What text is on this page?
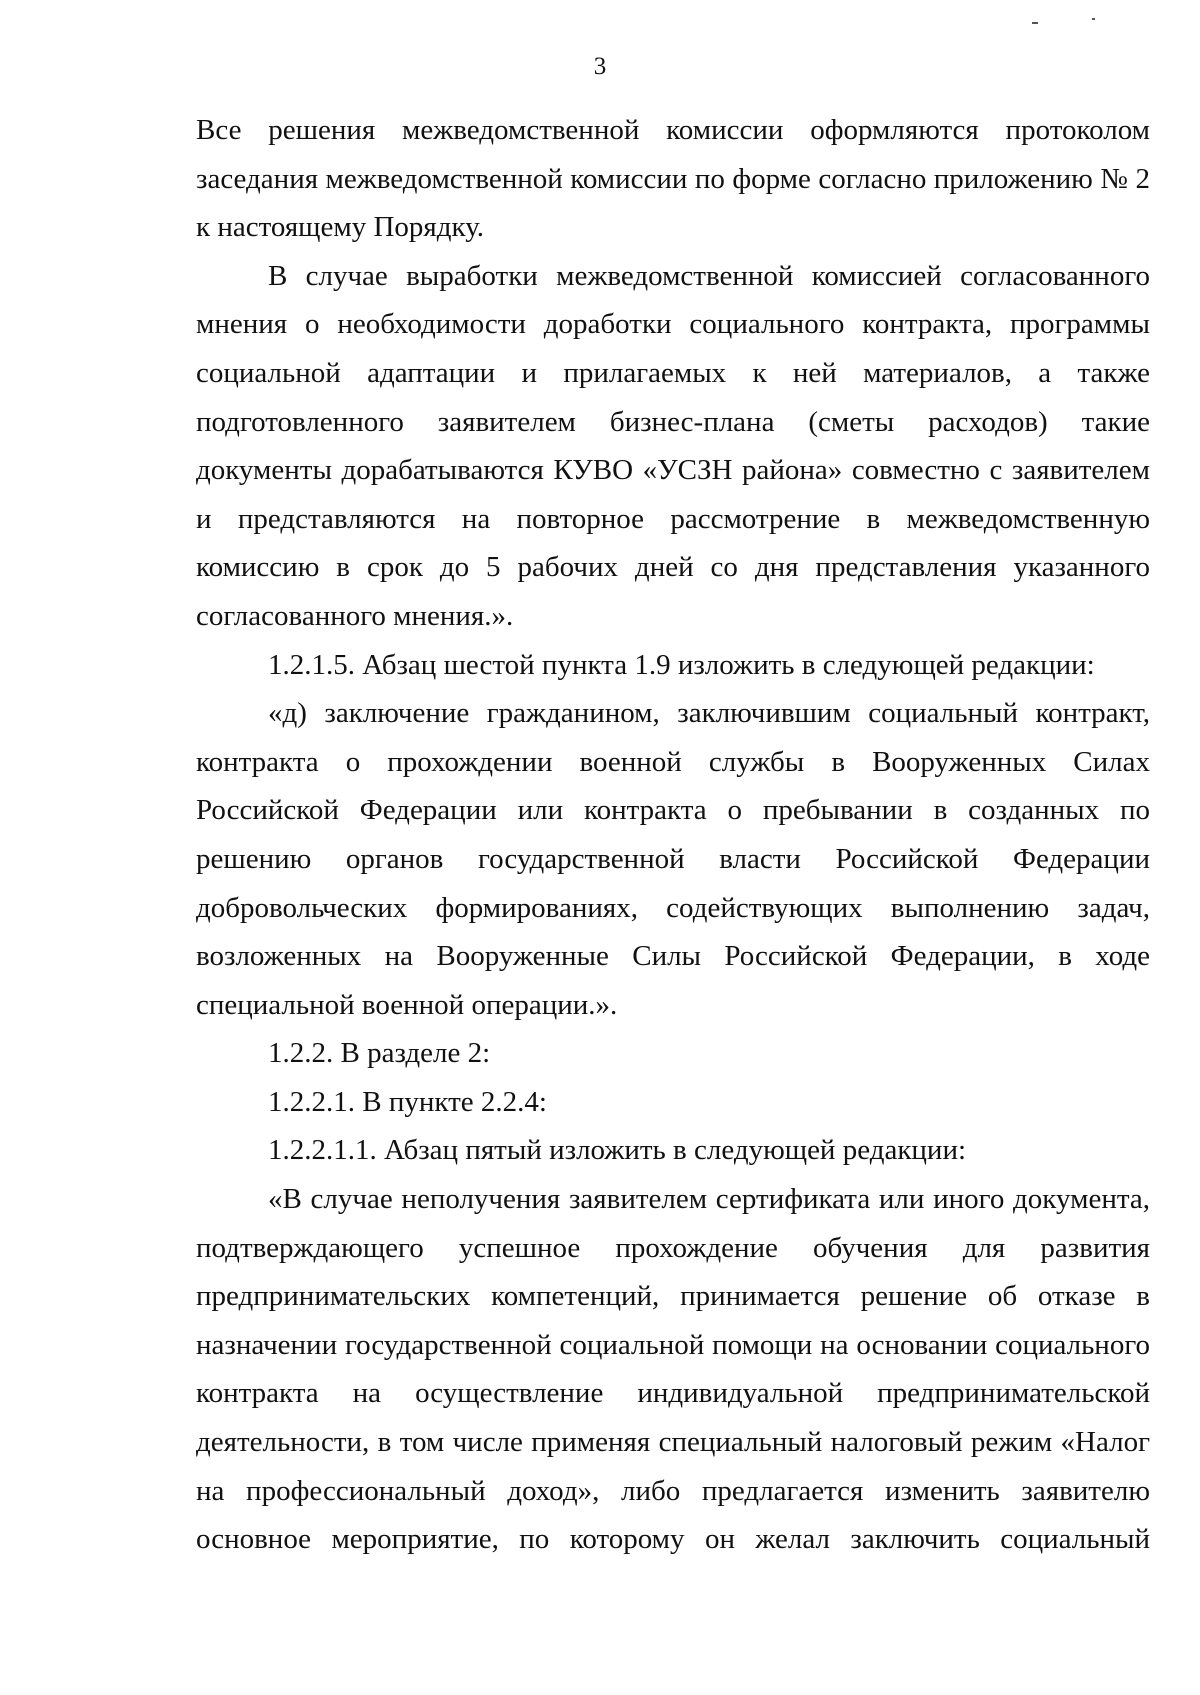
3

Все решения межведомственной комиссии оформляются протоколом заседания межведомственной комиссии по форме согласно приложению № 2 к настоящему Порядку.

В случае выработки межведомственной комиссией согласованного мнения о необходимости доработки социального контракта, программы социальной адаптации и прилагаемых к ней материалов, а также подготовленного заявителем бизнес-плана (сметы расходов) такие документы дорабатываются КУВО «УСЗН района» совместно с заявителем и представляются на повторное рассмотрение в межведомственную комиссию в срок до 5 рабочих дней со дня представления указанного согласованного мнения.».

1.2.1.5. Абзац шестой пункта 1.9 изложить в следующей редакции:

«д) заключение гражданином, заключившим социальный контракт, контракта о прохождении военной службы в Вооруженных Силах Российской Федерации или контракта о пребывании в созданных по решению органов государственной власти Российской Федерации добровольческих формированиях, содействующих выполнению задач, возложенных на Вооруженные Силы Российской Федерации, в ходе специальной военной операции.».

1.2.2. В разделе 2:

1.2.2.1. В пункте 2.2.4:

1.2.2.1.1. Абзац пятый изложить в следующей редакции:

«В случае неполучения заявителем сертификата или иного документа, подтверждающего успешное прохождение обучения для развития предпринимательских компетенций, принимается решение об отказе в назначении государственной социальной помощи на основании социального контракта на осуществление индивидуальной предпринимательской деятельности, в том числе применяя специальный налоговый режим «Налог на профессиональный доход», либо предлагается изменить заявителю основное мероприятие, по которому он желал заключить социальный
